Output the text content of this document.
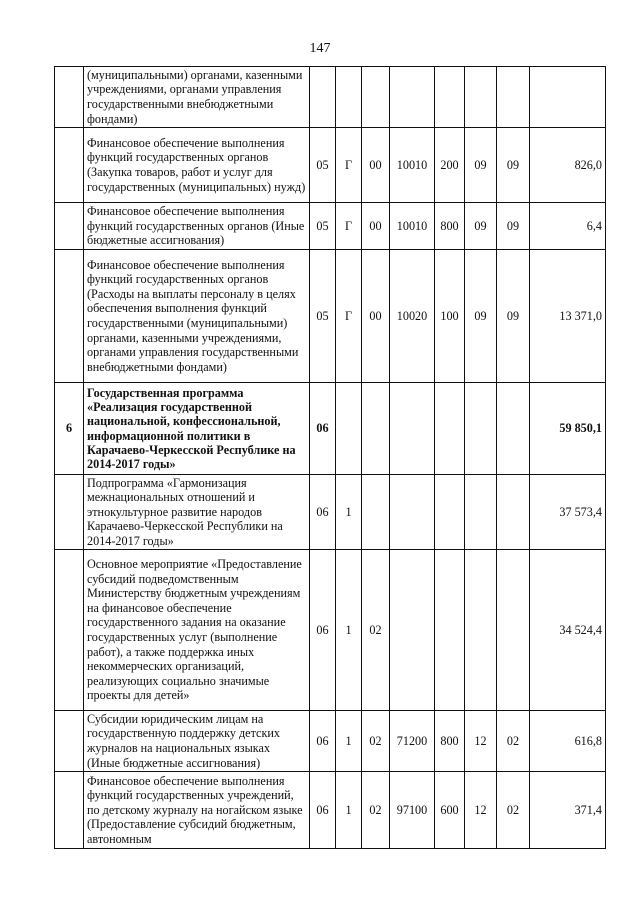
147
	(муниципальными) органами, казенными учреждениями, органами управления государственными внебюджетными фондами)								
	Финансовое обеспечение выполнения функций государственных органов (Закупка товаров, работ и услуг для государственных (муниципальных) нужд)	05	Г	00	10010	200	09	09	826,0
	Финансовое обеспечение выполнения функций государственных органов (Иные бюджетные ассигнования)	05	Г	00	10010	800	09	09	6,4
	Финансовое обеспечение выполнения функций государственных органов (Расходы на выплаты персоналу в целях обеспечения выполнения функций государственными (муниципальными) органами, казенными учреждениями, органами управления государственными внебюджетными фондами)	05	Г	00	10020	100	09	09	13 371,0
6	Государственная программа «Реализация государственной национальной, конфессиональной, информационной политики в Карачаево-Черкесской Республике на 2014-2017 годы»	06							59 850,1
	Подпрограмма «Гармонизация межнациональных отношений и этнокультурное развитие народов Карачаево-Черкесской Республики на 2014-2017 годы»	06	1						37 573,4
	Основное мероприятие «Предоставление субсидий подведомственным Министерству бюджетным учреждениям на финансовое обеспечение государственного задания на оказание государственных услуг (выполнение работ), а также поддержка иных некоммерческих организаций, реализующих социально значимые проекты для детей»	06	1	02					34 524,4
	Субсидии юридическим лицам на государственную поддержку детских журналов на национальных языках (Иные бюджетные ассигнования)	06	1	02	71200	800	12	02	616,8
	Финансовое обеспечение выполнения функций государственных учреждений, по детскому журналу на ногайском языке (Предоставление субсидий бюджетным, автономным	06	1	02	97100	600	12	02	371,4
